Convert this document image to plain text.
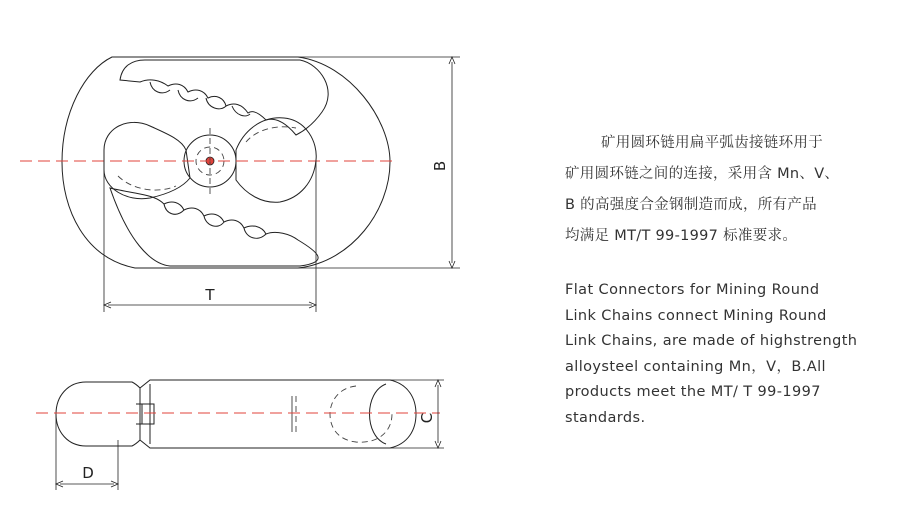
B
T
C
D
矿用圆环链用扁平弧齿接链环用于
矿用圆环链之间的连接，采用含 Mn、V、
B 的高强度合金钢制造而成，所有产品
均满足 MT/T 99-1997 标准要求。
Flat Connectors for Mining Round
Link Chains connect Mining Round
Link Chains, are made of highstrength
alloysteel containing Mn，V，B.All
products meet the MT/ T 99-1997
standards.
